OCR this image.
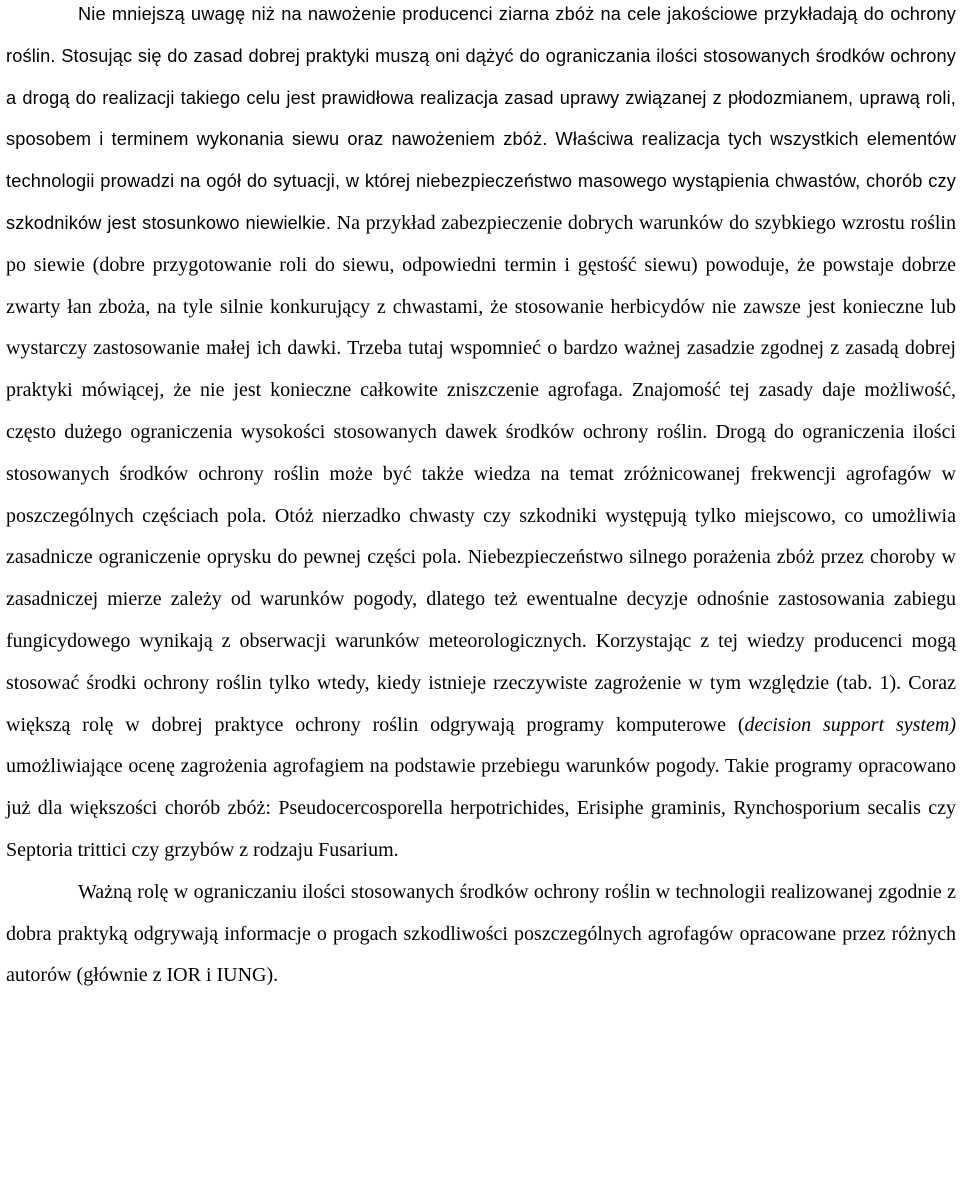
Nie mniejszą uwagę niż na nawożenie producenci ziarna zbóż na cele jakościowe przykładają do ochrony roślin. Stosując się do zasad dobrej praktyki muszą oni dążyć do ograniczania ilości stosowanych środków ochrony a drogą do realizacji takiego celu jest prawidłowa realizacja zasad uprawy związanej z płodozmianem, uprawą roli, sposobem i terminem wykonania siewu oraz nawożeniem zbóż. Właściwa realizacja tych wszystkich elementów technologii prowadzi na ogół do sytuacji, w której niebezpieczeństwo masowego wystąpienia chwastów, chorób czy szkodników jest stosunkowo niewielkie. Na przykład zabezpieczenie dobrych warunków do szybkiego wzrostu roślin po siewie (dobre przygotowanie roli do siewu, odpowiedni termin i gęstość siewu) powoduje, że powstaje dobrze zwarty łan zboża, na tyle silnie konkurujący z chwastami, że stosowanie herbicydów nie zawsze jest konieczne lub wystarczy zastosowanie małej ich dawki. Trzeba tutaj wspomnieć o bardzo ważnej zasadzie zgodnej z zasadą dobrej praktyki mówiącej, że nie jest konieczne całkowite zniszczenie agrofaga. Znajomość tej zasady daje możliwość, często dużego ograniczenia wysokości stosowanych dawek środków ochrony roślin. Drogą do ograniczenia ilości stosowanych środków ochrony roślin może być także wiedza na temat zróżnicowanej frekwencji agrofagów w poszczególnych częściach pola. Otóż nierzadko chwasty czy szkodniki występują tylko miejscowo, co umożliwia zasadnicze ograniczenie oprysku do pewnej części pola. Niebezpieczeństwo silnego porażenia zbóż przez choroby w zasadniczej mierze zależy od warunków pogody, dlatego też ewentualne decyzje odnośnie zastosowania zabiegu fungicydowego wynikają z obserwacji warunków meteorologicznych. Korzystając z tej wiedzy producenci mogą stosować środki ochrony roślin tylko wtedy, kiedy istnieje rzeczywiste zagrożenie w tym względzie (tab. 1). Coraz większą rolę w dobrej praktyce ochrony roślin odgrywają programy komputerowe (decision support system) umożliwiające ocenę zagrożenia agrofagiem na podstawie przebiegu warunków pogody. Takie programy opracowano już dla większości chorób zbóż: Pseudocercosporella herpotrichides, Erisiphe graminis, Rynchosporium secalis czy Septoria trittici czy grzybów z rodzaju Fusarium.

Ważną rolę w ograniczaniu ilości stosowanych środków ochrony roślin w technologii realizowanej zgodnie z dobra praktyką odgrywają informacje o progach szkodliwości poszczególnych agrofagów opracowane przez różnych autorów (głównie z IOR i IUNG).
